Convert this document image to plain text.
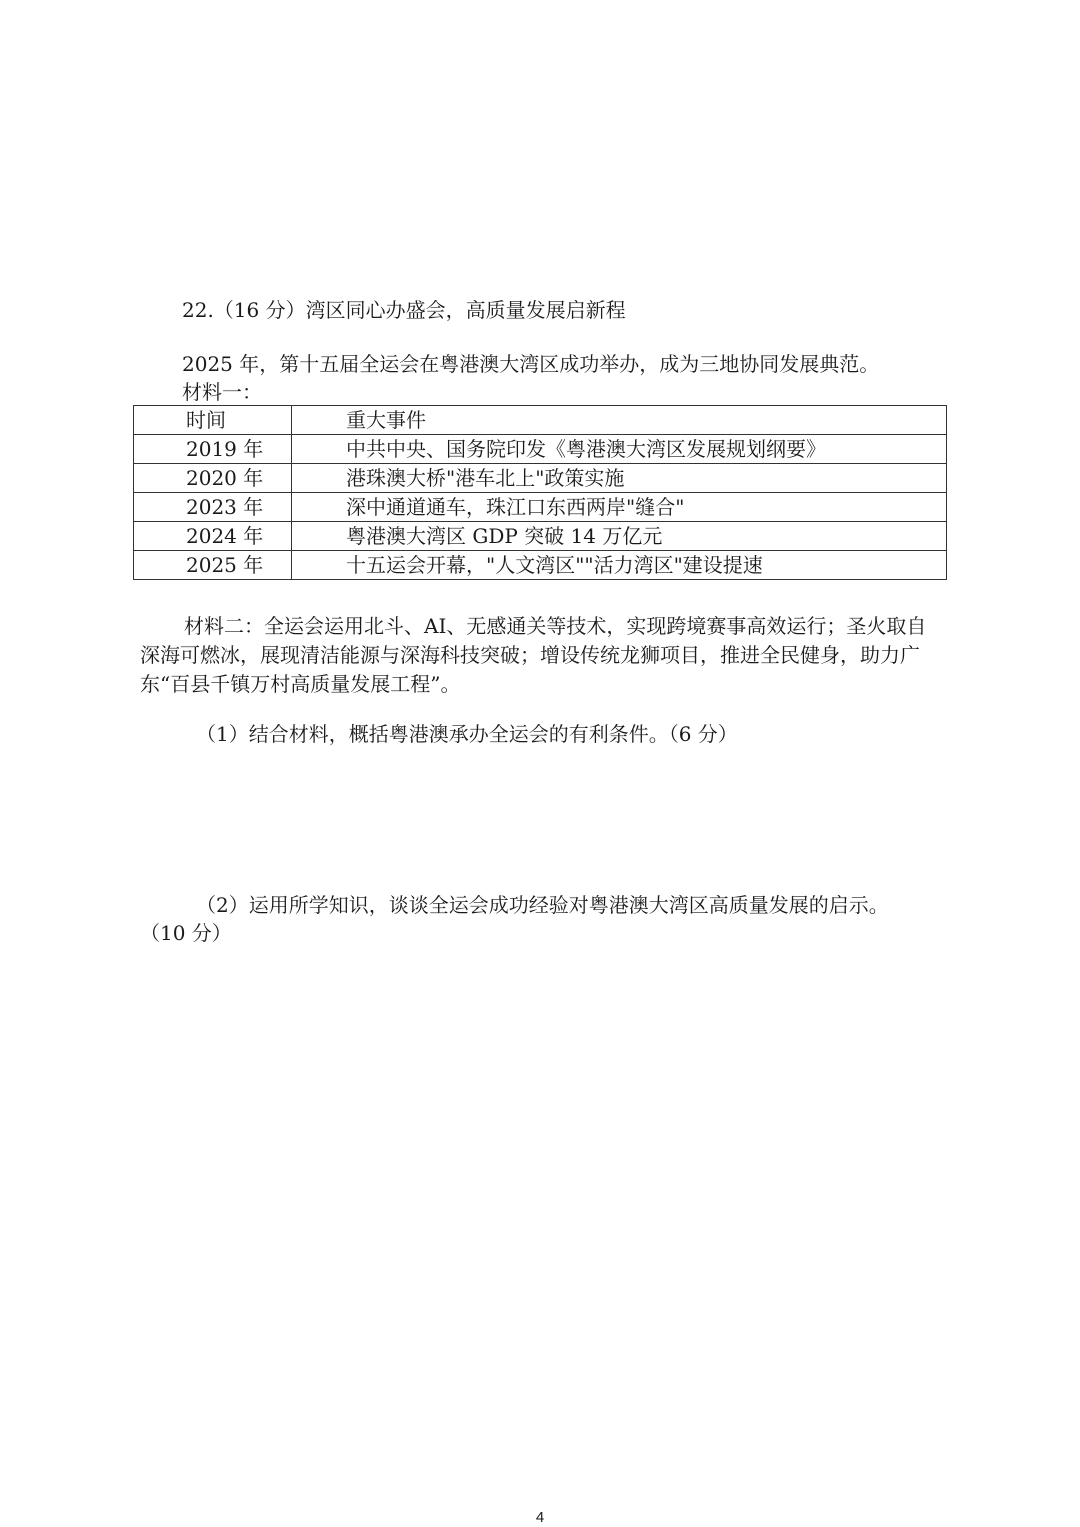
22.（16 分）湾区同心办盛会，高质量发展启新程
2025 年，第十五届全运会在粤港澳大湾区成功举办，成为三地协同发展典范。
材料一：
时间	重大事件
2019 年	中共中央、国务院印发《粤港澳大湾区发展规划纲要》
2020 年	港珠澳大桥"港车北上"政策实施
2023 年	深中通道通车，珠江口东西两岸"缝合"
2024 年	粤港澳大湾区 GDP 突破 14 万亿元
2025 年	十五运会开幕，"人文湾区""活力湾区"建设提速
材料二：全运会运用北斗、AI、无感通关等技术，实现跨境赛事高效运行；圣火取自深海可燃冰，展现清洁能源与深海科技突破；增设传统龙狮项目，推进全民健身，助力广东“百县千镇万村高质量发展工程”。
（1）结合材料，概括粤港澳承办全运会的有利条件。（6 分）
（2）运用所学知识，谈谈全运会成功经验对粤港澳大湾区高质量发展的启示。
（10 分）
4
